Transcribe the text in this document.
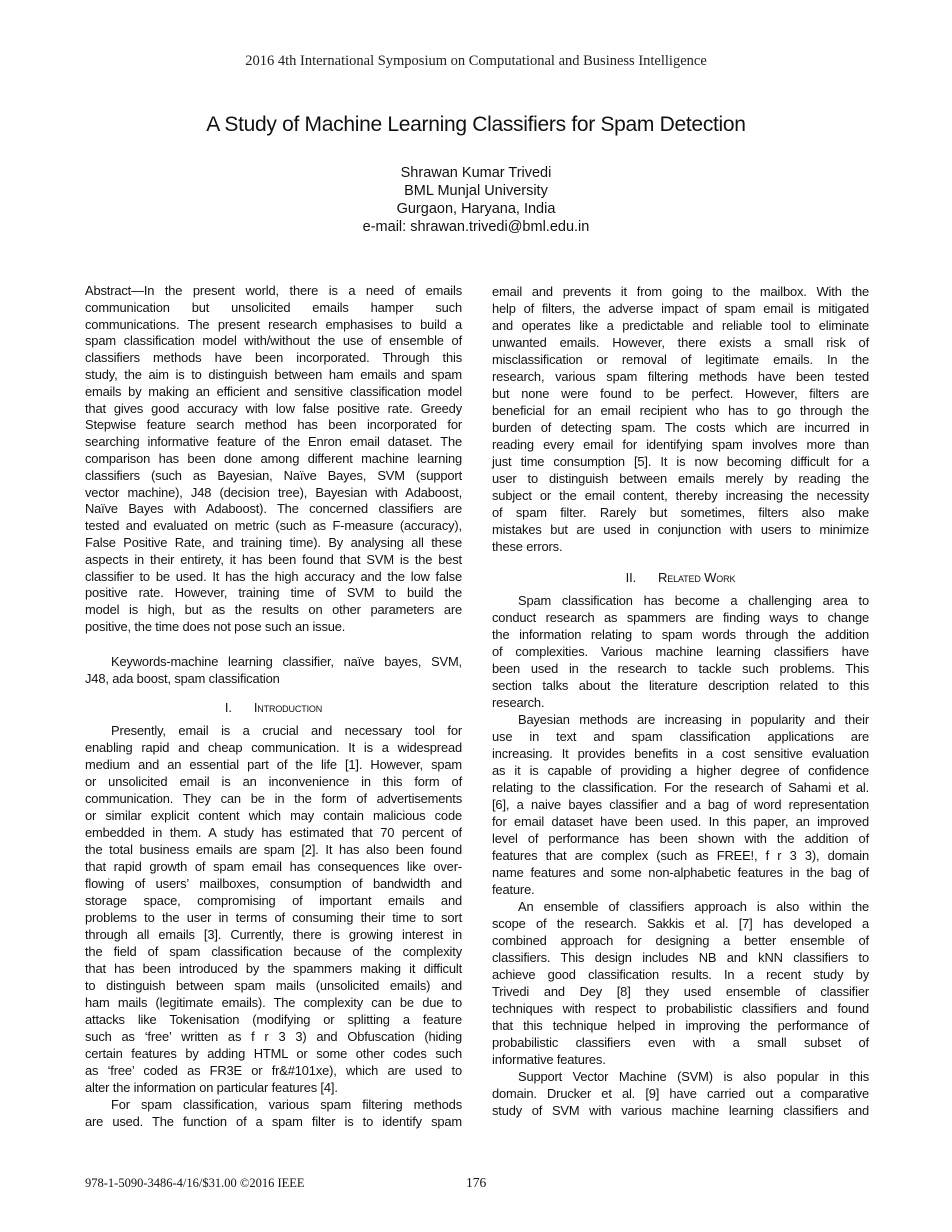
2016 4th International Symposium on Computational and Business Intelligence
A Study of Machine Learning Classifiers for Spam Detection
Shrawan Kumar Trivedi
BML Munjal University
Gurgaon, Haryana, India
e-mail: shrawan.trivedi@bml.edu.in
Abstract—In the present world, there is a need of emails
communication but unsolicited emails hamper such
communications. The present research emphasises to build a
spam classification model with/without the use of ensemble of
classifiers methods have been incorporated. Through this
study, the aim is to distinguish between ham emails and spam
emails by making an efficient and sensitive classification model
that gives good accuracy with low false positive rate. Greedy
Stepwise feature search method has been incorporated for
searching informative feature of the Enron email dataset. The
comparison has been done among different machine learning
classifiers (such as Bayesian, Naïve Bayes, SVM (support
vector machine), J48 (decision tree), Bayesian with Adaboost,
Naïve Bayes with Adaboost). The concerned classifiers are
tested and evaluated on metric (such as F-measure (accuracy),
False Positive Rate, and training time). By analysing all these
aspects in their entirety, it has been found that SVM is the best
classifier to be used. It has the high accuracy and the low false
positive rate. However, training time of SVM to build the
model is high, but as the results on other parameters are
positive, the time does not pose such an issue.
Keywords-machine learning classifier, naïve bayes, SVM,
J48, ada boost, spam classification
I. Introduction
Presently, email is a crucial and necessary tool for
enabling rapid and cheap communication. It is a widespread
medium and an essential part of the life [1]. However, spam
or unsolicited email is an inconvenience in this form of
communication. They can be in the form of advertisements
or similar explicit content which may contain malicious code
embedded in them. A study has estimated that 70 percent of
the total business emails are spam [2]. It has also been found
that rapid growth of spam email has consequences like over-
flowing of users’ mailboxes, consumption of bandwidth and
storage space, compromising of important emails and
problems to the user in terms of consuming their time to sort
through all emails [3]. Currently, there is growing interest in
the field of spam classification because of the complexity
that has been introduced by the spammers making it difficult
to distinguish between spam mails (unsolicited emails) and
ham mails (legitimate emails). The complexity can be due to
attacks like Tokenisation (modifying or splitting a feature
such as ‘free’ written as f r 3 3) and Obfuscation (hiding
certain features by adding HTML or some other codes such
as ‘free’ coded as FR3E or fr&#101xe), which are used to
alter the information on particular features [4].
For spam classification, various spam filtering methods
are used. The function of a spam filter is to identify spam
email and prevents it from going to the mailbox. With the
help of filters, the adverse impact of spam email is mitigated
and operates like a predictable and reliable tool to eliminate
unwanted emails. However, there exists a small risk of
misclassification or removal of legitimate emails. In the
research, various spam filtering methods have been tested
but none were found to be perfect. However, filters are
beneficial for an email recipient who has to go through the
burden of detecting spam. The costs which are incurred in
reading every email for identifying spam involves more than
just time consumption [5]. It is now becoming difficult for a
user to distinguish between emails merely by reading the
subject or the email content, thereby increasing the necessity
of spam filter. Rarely but sometimes, filters also make
mistakes but are used in conjunction with users to minimize
these errors.
II. Related Work
Spam classification has become a challenging area to
conduct research as spammers are finding ways to change
the information relating to spam words through the addition
of complexities. Various machine learning classifiers have
been used in the research to tackle such problems. This
section talks about the literature description related to this
research.
Bayesian methods are increasing in popularity and their
use in text and spam classification applications are
increasing. It provides benefits in a cost sensitive evaluation
as it is capable of providing a higher degree of confidence
relating to the classification. For the research of Sahami et al.
[6], a naive bayes classifier and a bag of word representation
for email dataset have been used. In this paper, an improved
level of performance has been shown with the addition of
features that are complex (such as FREE!, f r 3 3), domain
name features and some non-alphabetic features in the bag of
feature.
An ensemble of classifiers approach is also within the
scope of the research. Sakkis et al. [7] has developed a
combined approach for designing a better ensemble of
classifiers. This design includes NB and kNN classifiers to
achieve good classification results. In a recent study by
Trivedi and Dey [8] they used ensemble of classifier
techniques with respect to probabilistic classifiers and found
that this technique helped in improving the performance of
probabilistic classifiers even with a small subset of
informative features.
Support Vector Machine (SVM) is also popular in this
domain. Drucker et al. [9] have carried out a comparative
study of SVM with various machine learning classifiers and
978-1-5090-3486-4/16/$31.00 ©2016 IEEE	176
